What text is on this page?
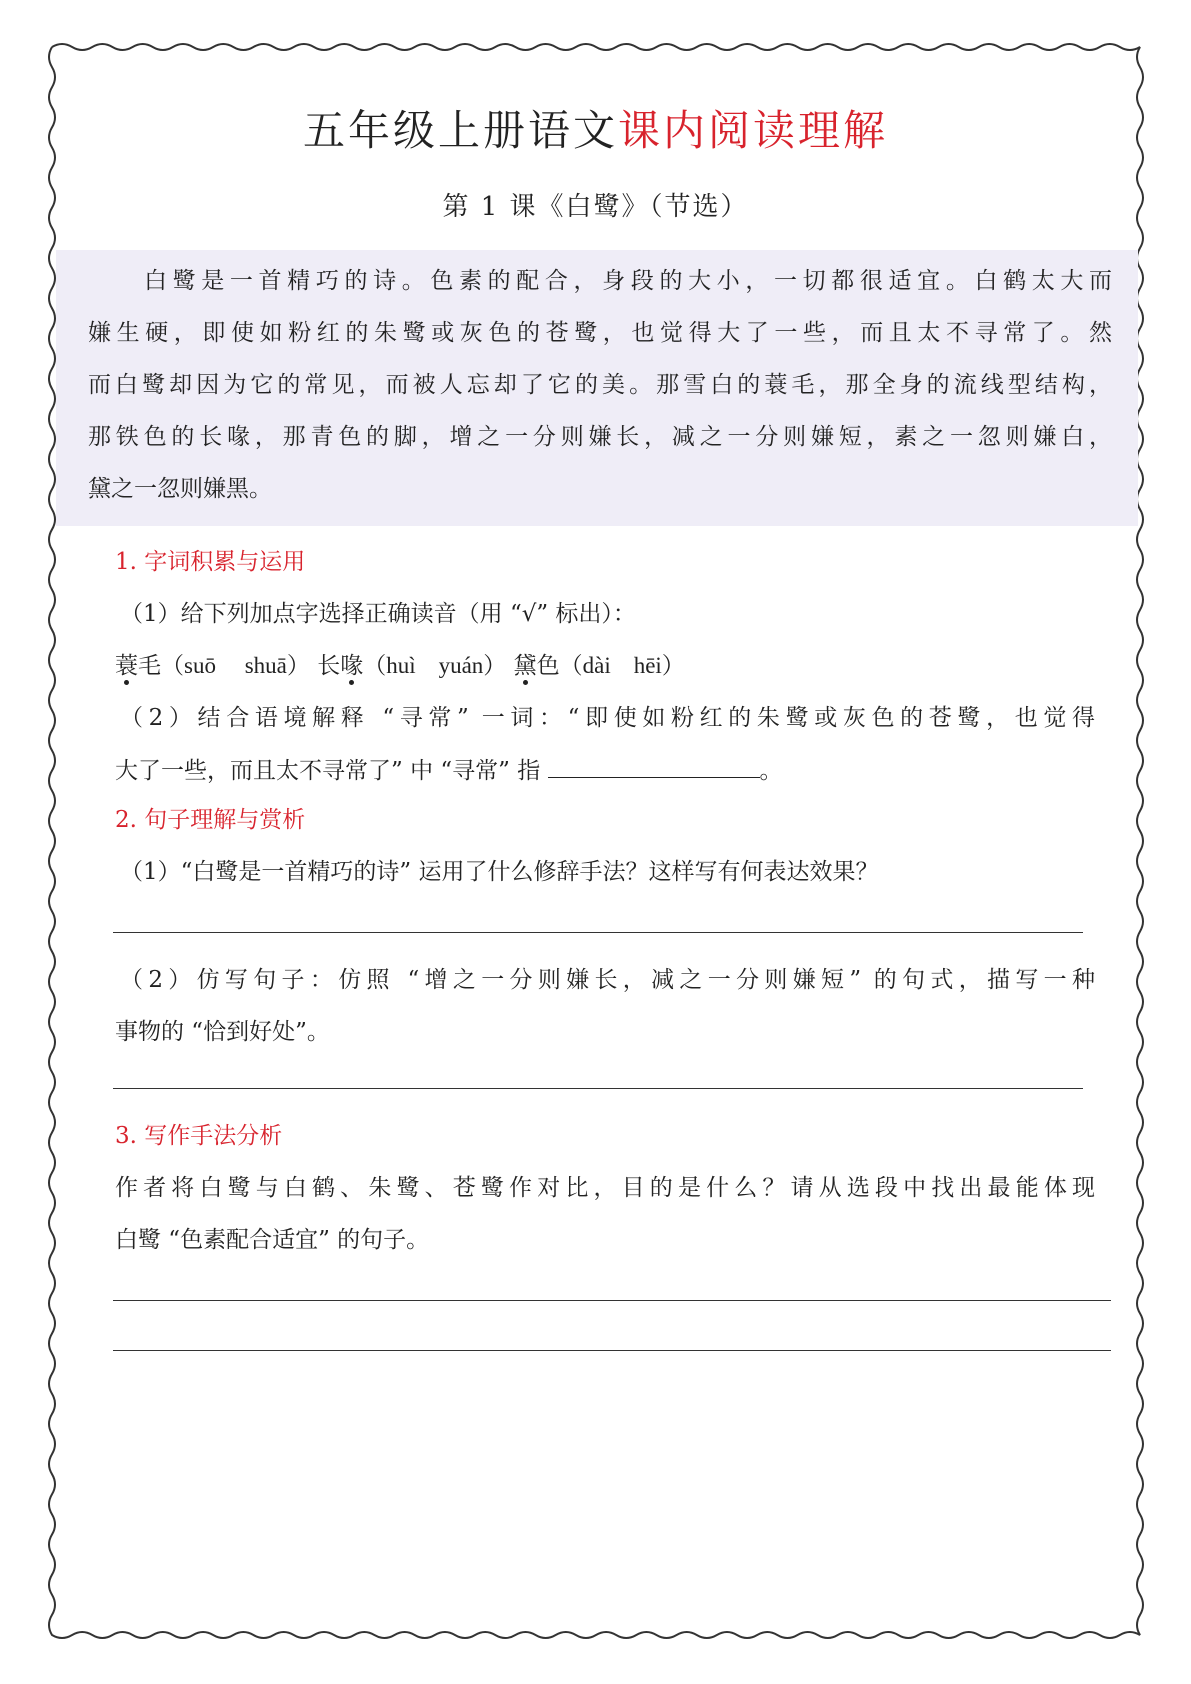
五年级上册语文课内阅读理解
第 1 课《白鹭》（节选）
白鹭是一首精巧的诗。色素的配合，身段的大小，一切都很适宜。白鹤太大而
嫌生硬，即使如粉红的朱鹭或灰色的苍鹭，也觉得大了一些，而且太不寻常了。然
而白鹭却因为它的常见，而被人忘却了它的美。那雪白的蓑毛，那全身的流线型结构，
那铁色的长喙，那青色的脚，增之一分则嫌长，减之一分则嫌短，素之一忽则嫌白，
黛之一忽则嫌黑。
1. 字词积累与运用
（1）给下列加点字选择正确读音（用 “√” 标出）：
蓑毛（suō　 shuā） 长喙（huì　yuán） 黛色（dài　hēi）
（2）结合语境解释 “寻常” 一词：“即使如粉红的朱鹭或灰色的苍鹭，也觉得
大了一些，而且太不寻常了” 中 “寻常” 指	。
2. 句子理解与赏析
（1）“白鹭是一首精巧的诗” 运用了什么修辞手法？这样写有何表达效果？
（2）仿写句子：仿照 “增之一分则嫌长，减之一分则嫌短” 的句式，描写一种
事物的 “恰到好处”。
3. 写作手法分析
作者将白鹭与白鹤、朱鹭、苍鹭作对比，目的是什么？请从选段中找出最能体现
白鹭 “色素配合适宜” 的句子。
